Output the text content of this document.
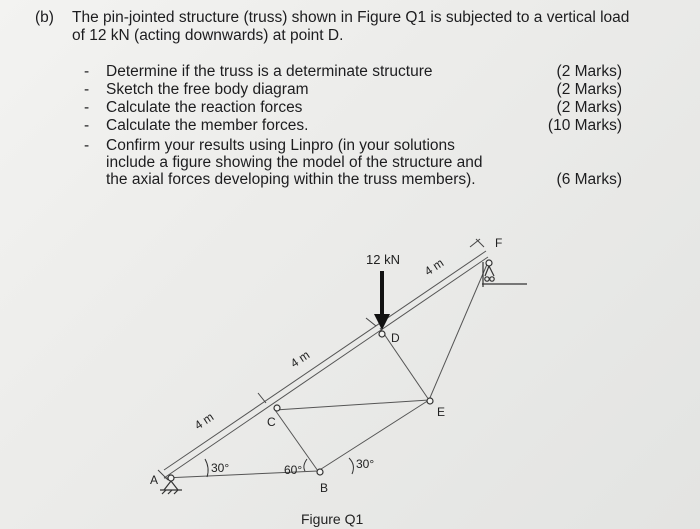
(b) The pin-jointed structure (truss) shown in Figure Q1 is subjected to a vertical load
of 12 kN (acting downwards) at point D.
- Determine if the truss is a determinate structure	(2 Marks)
- Sketch the free body diagram	(2 Marks)
- Calculate the reaction forces	(2 Marks)
- Calculate the member forces.	(10 Marks)
- Confirm your results using Linpro (in your solutions
include a figure showing the model of the structure and
the axial forces developing within the truss members).	(6 Marks)
12 kN
A
B
C
D
E
F
4 m
4 m
4 m
30°	60°	30°
Figure Q1
